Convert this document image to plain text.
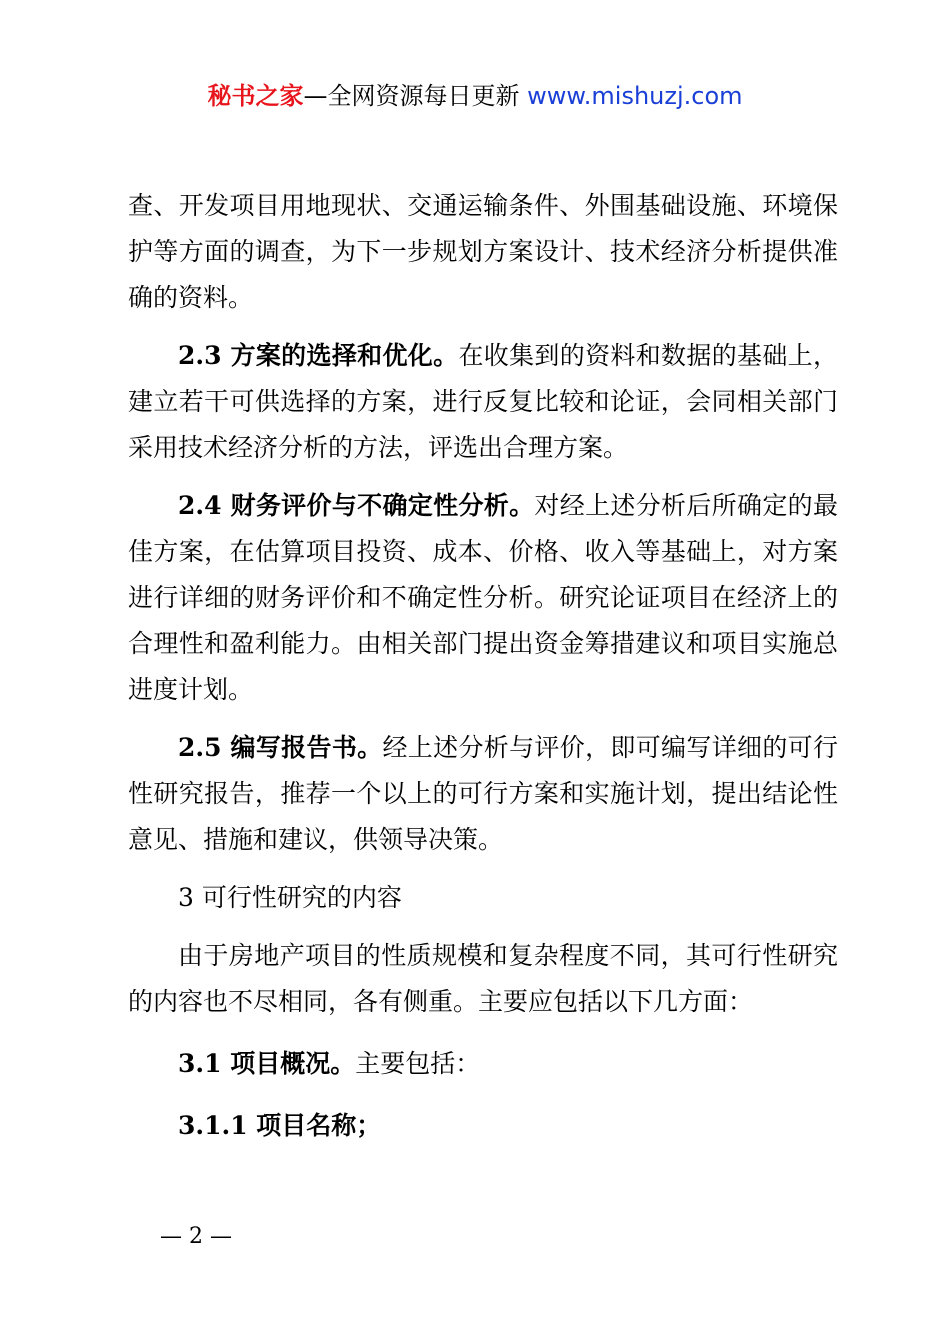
秘书之家—全网资源每日更新 www.mishuzj.com

查、开发项目用地现状、交通运输条件、外围基础设施、环境保护等方面的调查，为下一步规划方案设计、技术经济分析提供准确的资料。

2.3 方案的选择和优化。在收集到的资料和数据的基础上，建立若干可供选择的方案，进行反复比较和论证，会同相关部门采用技术经济分析的方法，评选出合理方案。

2.4 财务评价与不确定性分析。对经上述分析后所确定的最佳方案，在估算项目投资、成本、价格、收入等基础上，对方案进行详细的财务评价和不确定性分析。研究论证项目在经济上的合理性和盈利能力。由相关部门提出资金筹措建议和项目实施总进度计划。

2.5 编写报告书。经上述分析与评价，即可编写详细的可行性研究报告，推荐一个以上的可行方案和实施计划，提出结论性意见、措施和建议，供领导决策。

3 可行性研究的内容

由于房地产项目的性质规模和复杂程度不同，其可行性研究的内容也不尽相同，各有侧重。主要应包括以下几方面：

3.1 项目概况。主要包括：

3.1.1 项目名称；

— 2 —
